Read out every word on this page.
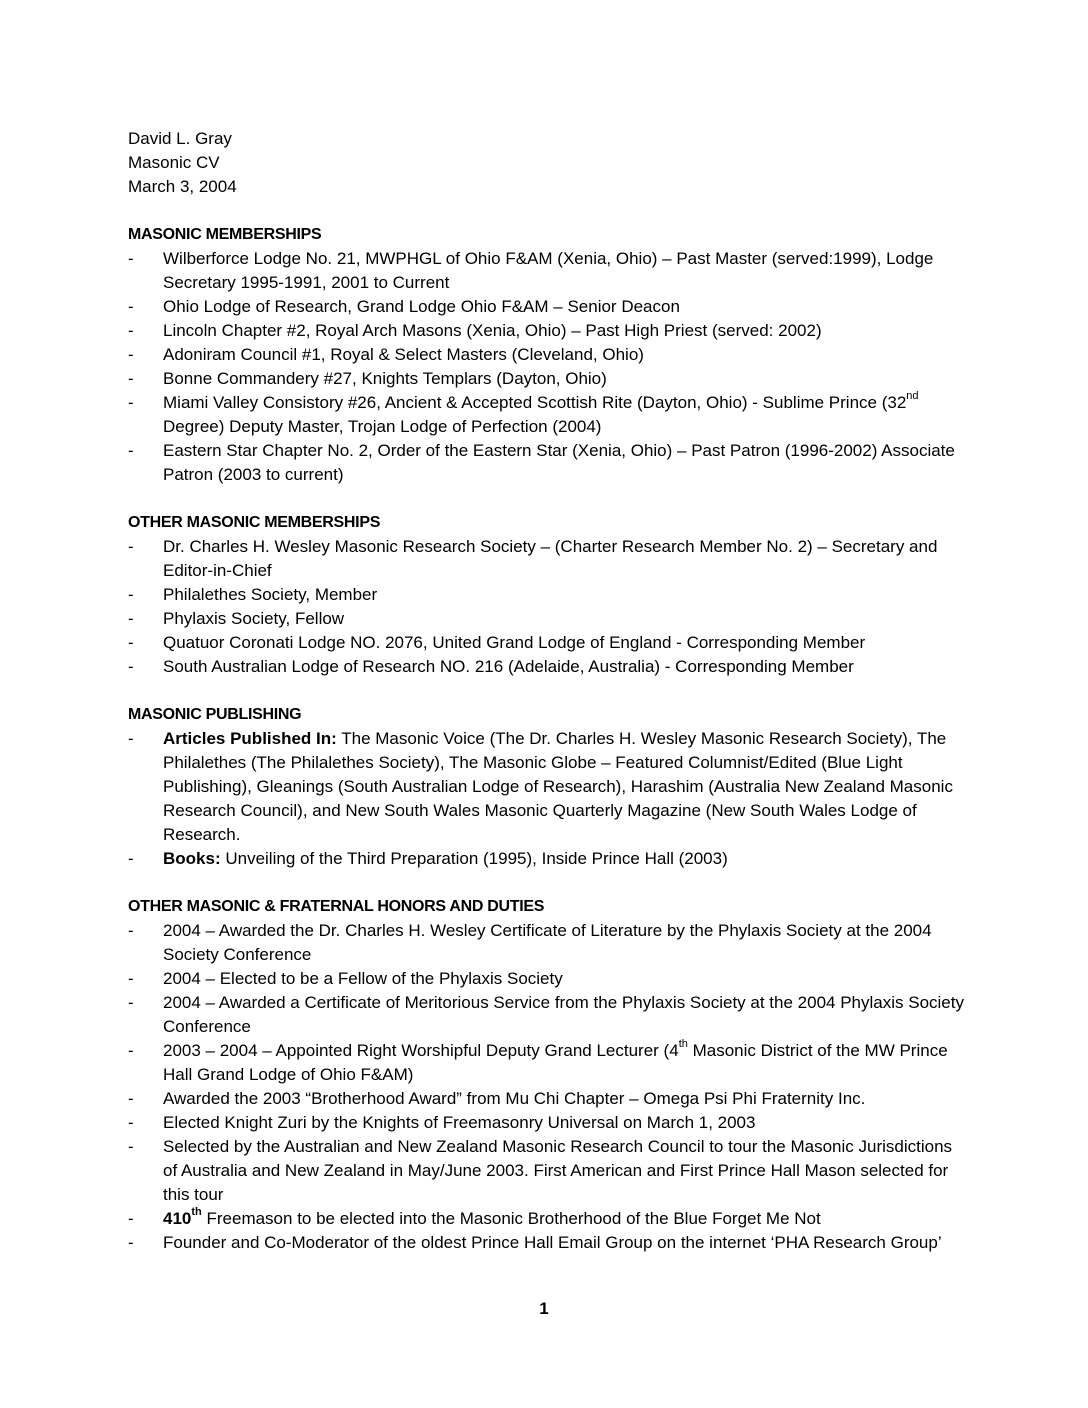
David L. Gray
Masonic CV
March 3, 2004
MASONIC MEMBERSHIPS
- Wilberforce Lodge No. 21, MWPHGL of Ohio F&AM (Xenia, Ohio) – Past Master (served:1999), Lodge Secretary 1995-1991, 2001 to Current
- Ohio Lodge of Research, Grand Lodge Ohio F&AM – Senior Deacon
- Lincoln Chapter #2, Royal Arch Masons (Xenia, Ohio) – Past High Priest (served: 2002)
- Adoniram Council #1, Royal & Select Masters (Cleveland, Ohio)
- Bonne Commandery #27, Knights Templars (Dayton, Ohio)
- Miami Valley Consistory #26, Ancient & Accepted Scottish Rite (Dayton, Ohio) - Sublime Prince (32nd Degree) Deputy Master, Trojan Lodge of Perfection (2004)
- Eastern Star Chapter No. 2, Order of the Eastern Star (Xenia, Ohio) – Past Patron (1996-2002) Associate Patron (2003 to current)
OTHER MASONIC MEMBERSHIPS
- Dr. Charles H. Wesley Masonic Research Society – (Charter Research Member No. 2) – Secretary and Editor-in-Chief
- Philalethes Society, Member
- Phylaxis Society, Fellow
- Quatuor Coronati Lodge NO. 2076, United Grand Lodge of England - Corresponding Member
- South Australian Lodge of Research NO. 216 (Adelaide, Australia) - Corresponding Member
MASONIC PUBLISHING
- Articles Published In: The Masonic Voice (The Dr. Charles H. Wesley Masonic Research Society), The Philalethes (The Philalethes Society), The Masonic Globe – Featured Columnist/Edited (Blue Light Publishing), Gleanings (South Australian Lodge of Research), Harashim (Australia New Zealand Masonic Research Council), and New South Wales Masonic Quarterly Magazine (New South Wales Lodge of Research.
- Books: Unveiling of the Third Preparation (1995), Inside Prince Hall (2003)
OTHER MASONIC & FRATERNAL HONORS AND DUTIES
- 2004 – Awarded the Dr. Charles H. Wesley Certificate of Literature by the Phylaxis Society at the 2004 Society Conference
- 2004 – Elected to be a Fellow of the Phylaxis Society
- 2004 – Awarded a Certificate of Meritorious Service from the Phylaxis Society at the 2004 Phylaxis Society Conference
- 2003 – 2004 – Appointed Right Worshipful Deputy Grand Lecturer (4th Masonic District of the MW Prince Hall Grand Lodge of Ohio F&AM)
- Awarded the 2003 “Brotherhood Award” from Mu Chi Chapter – Omega Psi Phi Fraternity Inc.
- Elected Knight Zuri by the Knights of Freemasonry Universal on March 1, 2003
- Selected by the Australian and New Zealand Masonic Research Council to tour the Masonic Jurisdictions of Australia and New Zealand in May/June 2003. First American and First Prince Hall Mason selected for this tour
- 410th Freemason to be elected into the Masonic Brotherhood of the Blue Forget Me Not
- Founder and Co-Moderator of the oldest Prince Hall Email Group on the internet ‘PHA Research Group’
1
